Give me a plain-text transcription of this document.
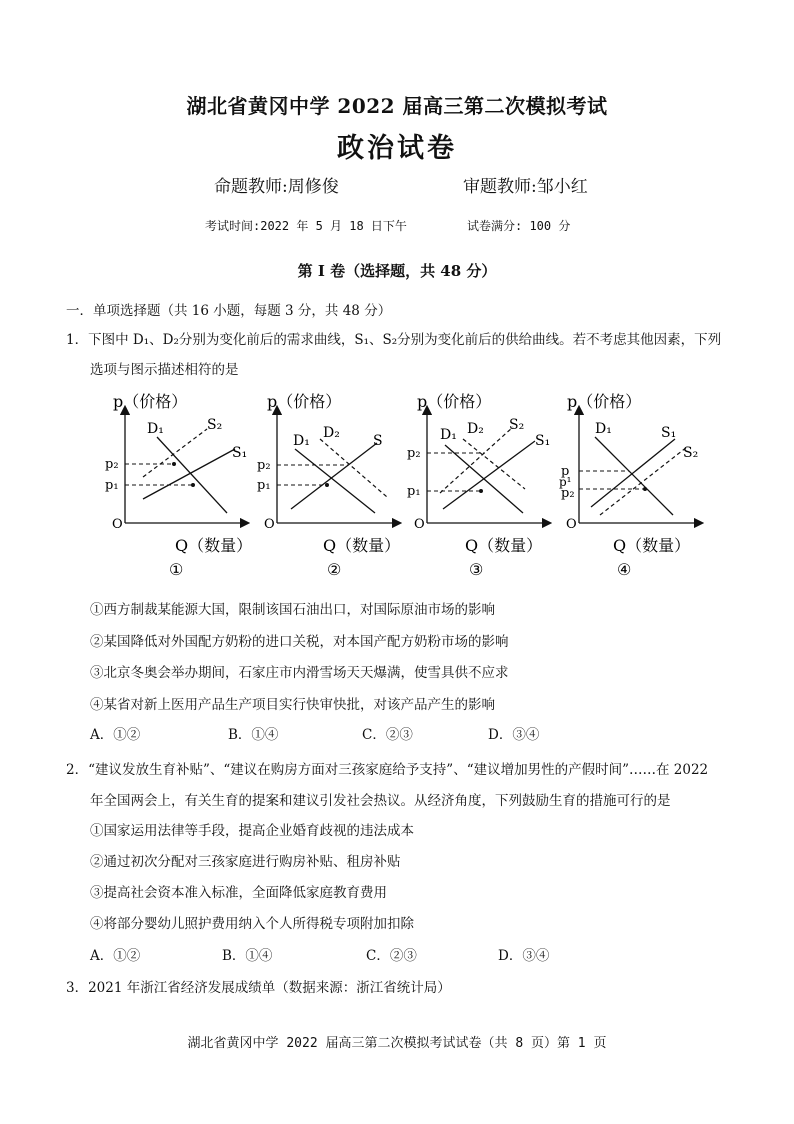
湖北省黄冈中学 2022 届高三第二次模拟考试
政治试卷
命题教师:周修俊	审题教师:邹小红
考试时间:2022 年 5 月 18 日下午	试卷满分: 100 分
第 I 卷（选择题，共 48 分）
一．单项选择题（共 16 小题，每题 3 分，共 48 分）
1．下图中 D₁、D₂分别为变化前后的需求曲线，S₁、S₂分别为变化前后的供给曲线。若不考虑其他因素，下列
选项与图示描述相符的是
p（价格）
Q（数量）
O
①
D₁	S₂
S₁
p₂
p₁
p（价格）
Q（数量）
O
②
D₁ D₂ S
p₂
p₁
p（价格）
Q（数量）
O
③
D₁ D₂ S₂
S₁
p₂
p₁
p（价格）
Q（数量）
O
④
D₁	S₁
S₂
p
p¹
p₂
①西方制裁某能源大国，限制该国石油出口，对国际原油市场的影响
②某国降低对外国配方奶粉的进口关税，对本国产配方奶粉市场的影响
③北京冬奥会举办期间，石家庄市内滑雪场天天爆满，使雪具供不应求
④某省对新上医用产品生产项目实行快审快批，对该产品产生的影响
A．①②	B．①④	C．②③	D．③④
2．“建议发放生育补贴”、“建议在购房方面对三孩家庭给予支持”、“建议增加男性的产假时间”……在 2022
年全国两会上，有关生育的提案和建议引发社会热议。从经济角度，下列鼓励生育的措施可行的是
①国家运用法律等手段，提高企业婚育歧视的违法成本
②通过初次分配对三孩家庭进行购房补贴、租房补贴
③提高社会资本准入标准，全面降低家庭教育费用
④将部分婴幼儿照护费用纳入个人所得税专项附加扣除
A．①②	B．①④	C．②③	D．③④
3．2021 年浙江省经济发展成绩单（数据来源：浙江省统计局）
湖北省黄冈中学 2022 届高三第二次模拟考试试卷（共 8 页）第 1 页
